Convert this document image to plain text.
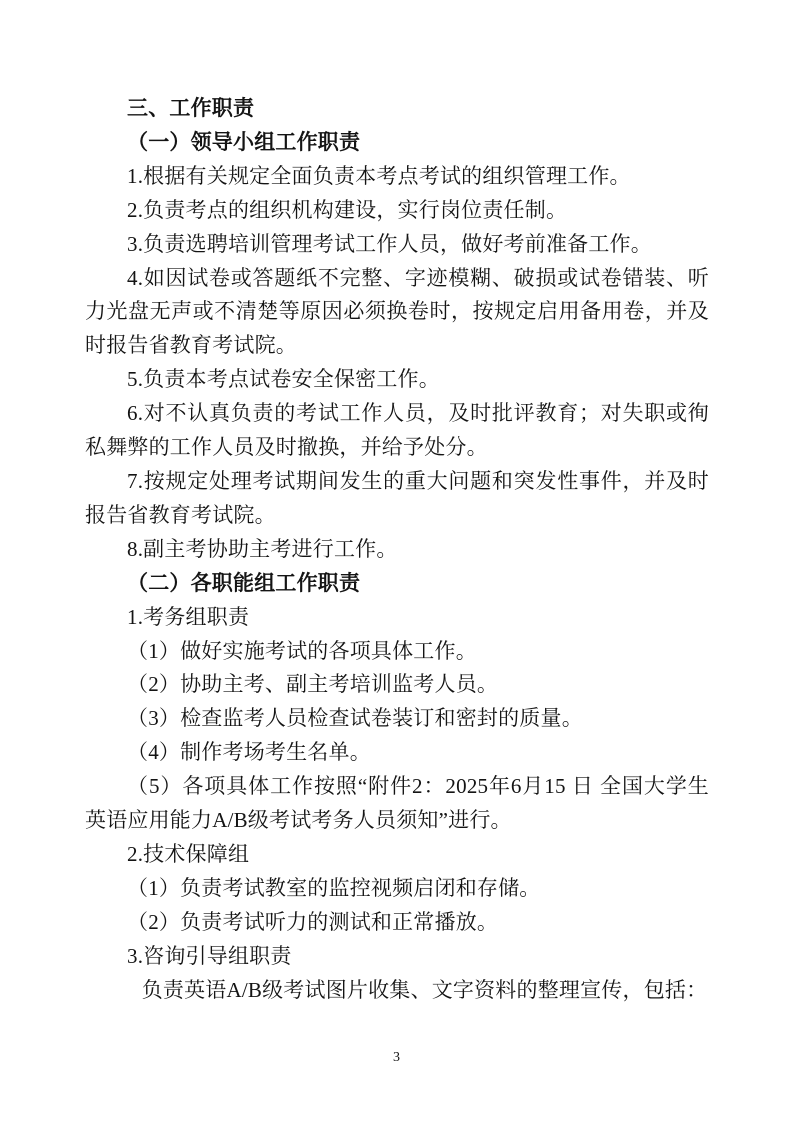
三、工作职责

（一）领导小组工作职责

1.根据有关规定全面负责本考点考试的组织管理工作。

2.负责考点的组织机构建设，实行岗位责任制。

3.负责选聘培训管理考试工作人员，做好考前准备工作。

4.如因试卷或答题纸不完整、字迹模糊、破损或试卷错装、听力光盘无声或不清楚等原因必须换卷时，按规定启用备用卷，并及时报告省教育考试院。

5.负责本考点试卷安全保密工作。

6.对不认真负责的考试工作人员，及时批评教育；对失职或徇私舞弊的工作人员及时撤换，并给予处分。

7.按规定处理考试期间发生的重大问题和突发性事件，并及时报告省教育考试院。

8.副主考协助主考进行工作。

（二）各职能组工作职责

1.考务组职责

（1）做好实施考试的各项具体工作。

（2）协助主考、副主考培训监考人员。

（3）检查监考人员检查试卷装订和密封的质量。

（4）制作考场考生名单。

（5）各项具体工作按照“附件2：2025年6月15 日 全国大学生英语应用能力A/B级考试考务人员须知”进行。

2.技术保障组

（1）负责考试教室的监控视频启闭和存储。

（2）负责考试听力的测试和正常播放。

3.咨询引导组职责

负责英语A/B级考试图片收集、文字资料的整理宣传，包括：

3
